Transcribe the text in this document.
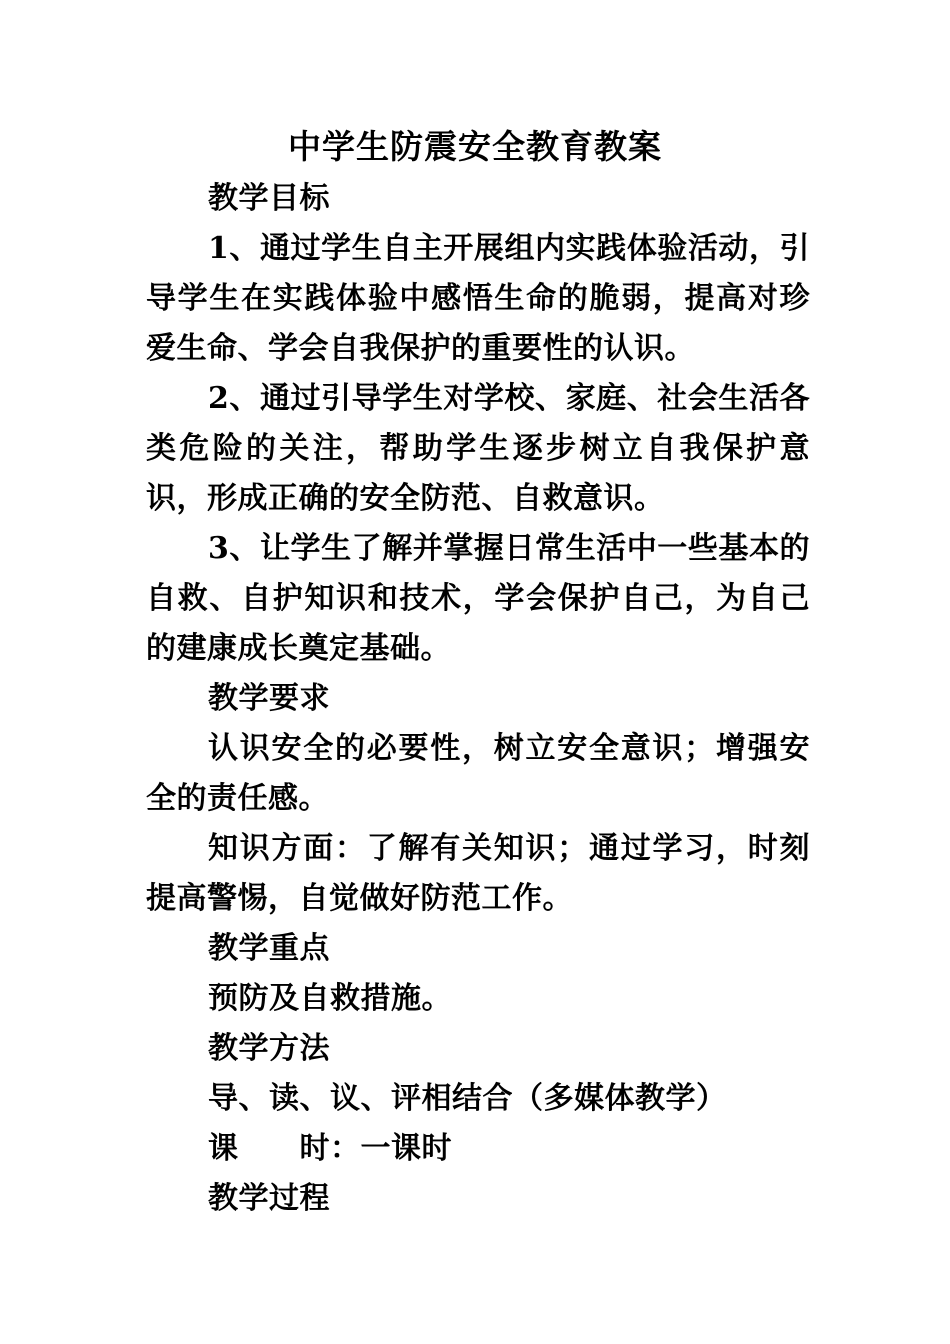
中学生防震安全教育教案

教学目标

1、通过学生自主开展组内实践体验活动，引导学生在实践体验中感悟生命的脆弱，提高对珍爱生命、学会自我保护的重要性的认识。

2、通过引导学生对学校、家庭、社会生活各类危险的关注，帮助学生逐步树立自我保护意识，形成正确的安全防范、自救意识。

3、让学生了解并掌握日常生活中一些基本的自救、自护知识和技术，学会保护自己，为自己的建康成长奠定基础。

教学要求

认识安全的必要性，树立安全意识；增强安全的责任感。

知识方面：了解有关知识；通过学习，时刻提高警惕，自觉做好防范工作。

教学重点

预防及自救措施。

教学方法

导、读、议、评相结合（多媒体教学）

课　　时：一课时

教学过程
